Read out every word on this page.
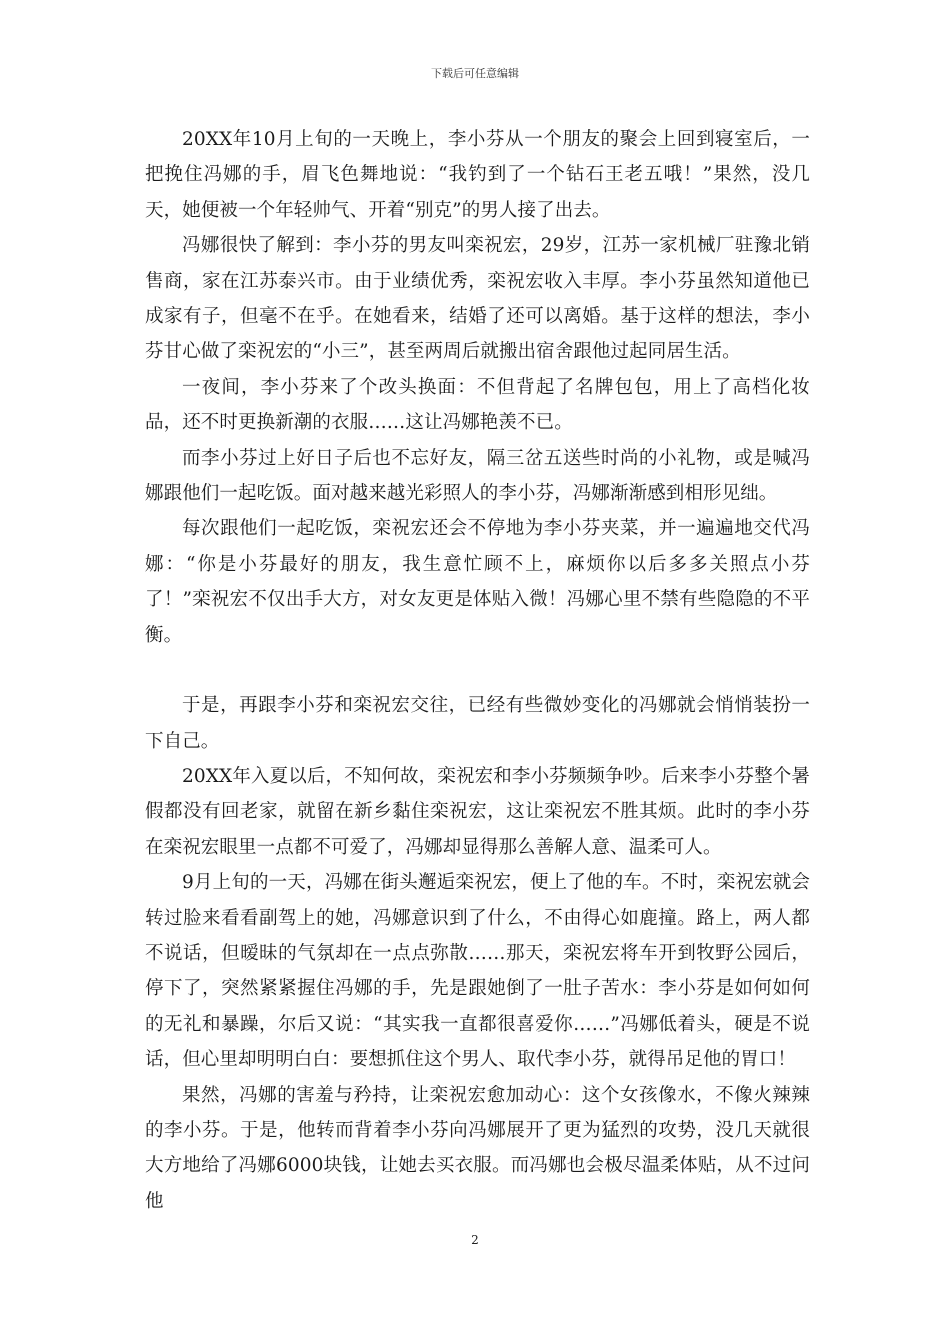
下载后可任意编辑

20XX年10月上旬的一天晚上，李小芬从一个朋友的聚会上回到寝室后，一把挽住冯娜的手，眉飞色舞地说：“我钓到了一个钻石王老五哦！”果然，没几天，她便被一个年轻帅气、开着“别克”的男人接了出去。

冯娜很快了解到：李小芬的男友叫栾祝宏，29岁，江苏一家机械厂驻豫北销售商，家在江苏泰兴市。由于业绩优秀，栾祝宏收入丰厚。李小芬虽然知道他已成家有子，但毫不在乎。在她看来，结婚了还可以离婚。基于这样的想法，李小芬甘心做了栾祝宏的“小三”，甚至两周后就搬出宿舍跟他过起同居生活。

一夜间，李小芬来了个改头换面：不但背起了名牌包包，用上了高档化妆品，还不时更换新潮的衣服……这让冯娜艳羡不已。

而李小芬过上好日子后也不忘好友，隔三岔五送些时尚的小礼物，或是喊冯娜跟他们一起吃饭。面对越来越光彩照人的李小芬，冯娜渐渐感到相形见绌。

每次跟他们一起吃饭，栾祝宏还会不停地为李小芬夹菜，并一遍遍地交代冯娜：“你是小芬最好的朋友，我生意忙顾不上，麻烦你以后多多关照点小芬了！”栾祝宏不仅出手大方，对女友更是体贴入微！冯娜心里不禁有些隐隐的不平衡。

于是，再跟李小芬和栾祝宏交往，已经有些微妙变化的冯娜就会悄悄装扮一下自己。

20XX年入夏以后，不知何故，栾祝宏和李小芬频频争吵。后来李小芬整个暑假都没有回老家，就留在新乡黏住栾祝宏，这让栾祝宏不胜其烦。此时的李小芬在栾祝宏眼里一点都不可爱了，冯娜却显得那么善解人意、温柔可人。

9月上旬的一天，冯娜在街头邂逅栾祝宏，便上了他的车。不时，栾祝宏就会转过脸来看看副驾上的她，冯娜意识到了什么，不由得心如鹿撞。路上，两人都不说话，但暧昧的气氛却在一点点弥散……那天，栾祝宏将车开到牧野公园后，停下了，突然紧紧握住冯娜的手，先是跟她倒了一肚子苦水：李小芬是如何如何的无礼和暴躁，尔后又说：“其实我一直都很喜爱你……”冯娜低着头，硬是不说话，但心里却明明白白：要想抓住这个男人、取代李小芬，就得吊足他的胃口！

果然，冯娜的害羞与矜持，让栾祝宏愈加动心：这个女孩像水，不像火辣辣的李小芬。于是，他转而背着李小芬向冯娜展开了更为猛烈的攻势，没几天就很大方地给了冯娜6000块钱，让她去买衣服。而冯娜也会极尽温柔体贴，从不过问他

2
